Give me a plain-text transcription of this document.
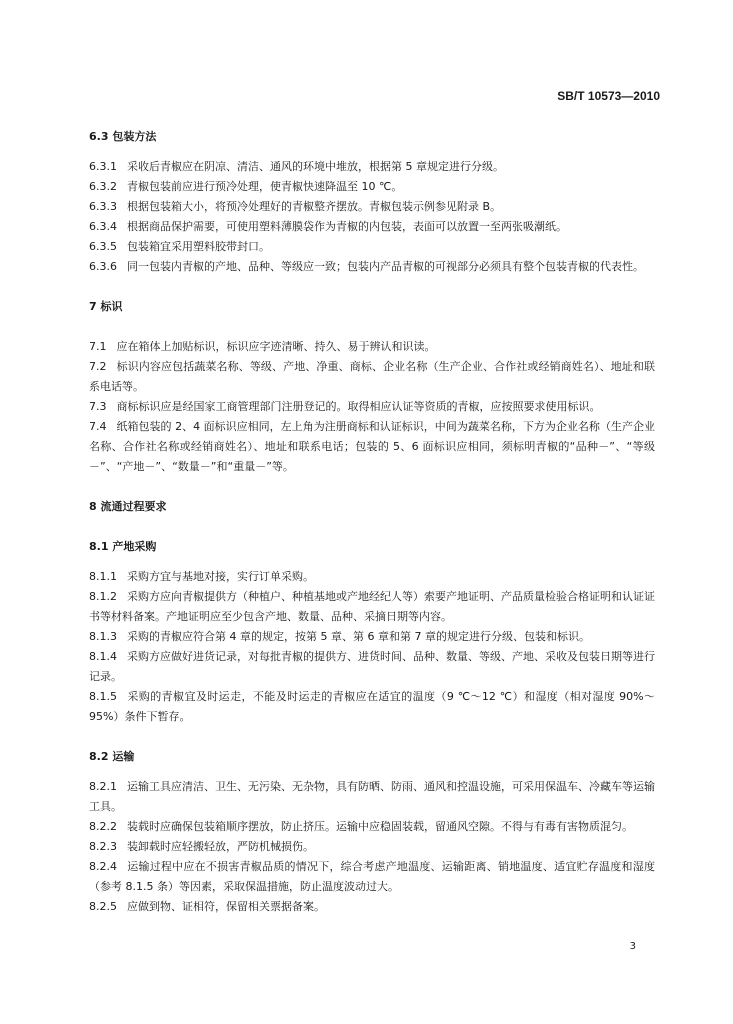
SB/T 10573—2010

6.3 包装方法

6.3.1 采收后青椒应在阴凉、清洁、通风的环境中堆放，根据第 5 章规定进行分级。

6.3.2 青椒包装前应进行预冷处理，使青椒快速降温至 10 ℃。

6.3.3 根据包装箱大小，将预冷处理好的青椒整齐摆放。青椒包装示例参见附录 B。

6.3.4 根据商品保护需要，可使用塑料薄膜袋作为青椒的内包装，表面可以放置一至两张吸潮纸。

6.3.5 包装箱宜采用塑料胶带封口。

6.3.6 同一包装内青椒的产地、品种、等级应一致；包装内产品青椒的可视部分必须具有整个包装青椒的代表性。

7 标识

7.1 应在箱体上加贴标识，标识应字迹清晰、持久、易于辨认和识读。

7.2 标识内容应包括蔬菜名称、等级、产地、净重、商标、企业名称（生产企业、合作社或经销商姓名）、地址和联系电话等。

7.3 商标标识应是经国家工商管理部门注册登记的。取得相应认证等资质的青椒，应按照要求使用标识。

7.4 纸箱包装的 2、4 面标识应相同，左上角为注册商标和认证标识，中间为蔬菜名称，下方为企业名称（生产企业名称、合作社名称或经销商姓名）、地址和联系电话；包装的 5、6 面标识应相同，须标明青椒的“品种－”、“等级－”、“产地－”、“数量－”和“重量－”等。

8 流通过程要求

8.1 产地采购

8.1.1 采购方宜与基地对接，实行订单采购。

8.1.2 采购方应向青椒提供方（种植户、种植基地或产地经纪人等）索要产地证明、产品质量检验合格证明和认证证书等材料备案。产地证明应至少包含产地、数量、品种、采摘日期等内容。

8.1.3 采购的青椒应符合第 4 章的规定，按第 5 章、第 6 章和第 7 章的规定进行分级、包装和标识。

8.1.4 采购方应做好进货记录，对每批青椒的提供方、进货时间、品种、数量、等级、产地、采收及包装日期等进行记录。

8.1.5 采购的青椒宜及时运走，不能及时运走的青椒应在适宜的温度（9 ℃～12 ℃）和湿度（相对湿度 90%～95%）条件下暂存。

8.2 运输

8.2.1 运输工具应清洁、卫生、无污染、无杂物，具有防晒、防雨、通风和控温设施，可采用保温车、冷藏车等运输工具。

8.2.2 装载时应确保包装箱顺序摆放，防止挤压。运输中应稳固装载，留通风空隙。不得与有毒有害物质混匀。

8.2.3 装卸载时应轻搬轻放，严防机械损伤。

8.2.4 运输过程中应在不损害青椒品质的情况下，综合考虑产地温度、运输距离、销地温度、适宜贮存温度和湿度（参考 8.1.5 条）等因素，采取保温措施，防止温度波动过大。

8.2.5 应做到物、证相符，保留相关票据备案。

3
